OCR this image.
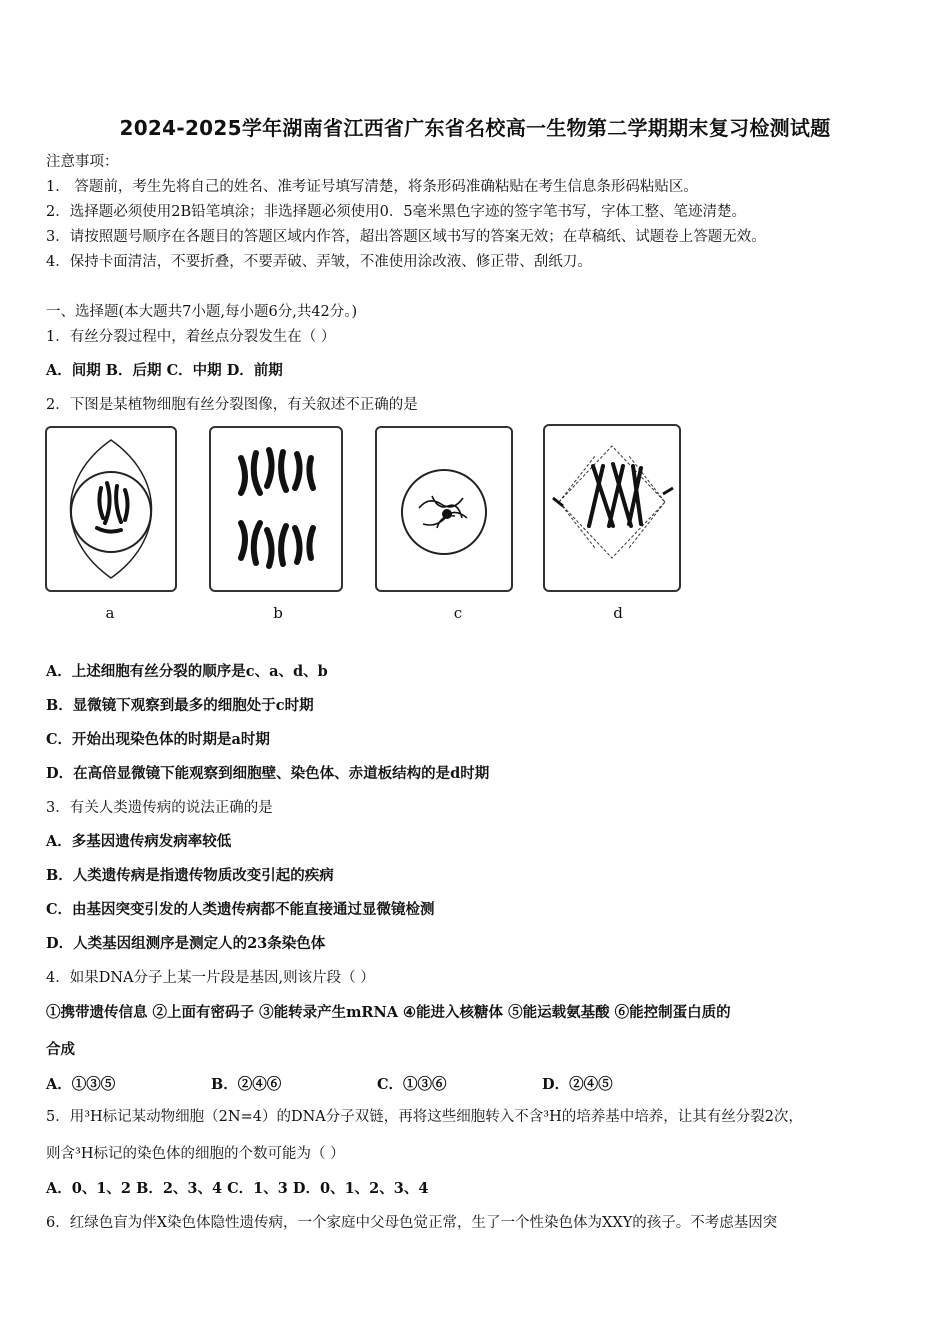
2024-2025学年湖南省江西省广东省名校高一生物第二学期期末复习检测试题
注意事项：
1． 答题前，考生先将自己的姓名、准考证号填写清楚，将条形码准确粘贴在考生信息条形码粘贴区。
2．选择题必须使用2B铅笔填涂；非选择题必须使用0．5毫米黑色字迹的签字笔书写，字体工整、笔迹清楚。
3．请按照题号顺序在各题目的答题区域内作答，超出答题区域书写的答案无效；在草稿纸、试题卷上答题无效。
4．保持卡面清洁，不要折叠，不要弄破、弄皱，不准使用涂改液、修正带、刮纸刀。
一、选择题(本大题共7小题,每小题6分,共42分。)
1．有丝分裂过程中，着丝点分裂发生在（ ）
A．间期 B．后期 C．中期 D．前期
2．下图是某植物细胞有丝分裂图像，有关叙述不正确的是
a	b	c	d
A．上述细胞有丝分裂的顺序是c、a、d、b
B．显微镜下观察到最多的细胞处于c时期
C．开始出现染色体的时期是a时期
D．在高倍显微镜下能观察到细胞壁、染色体、赤道板结构的是d时期
3．有关人类遗传病的说法正确的是
A．多基因遗传病发病率较低
B．人类遗传病是指遗传物质改变引起的疾病
C．由基因突变引发的人类遗传病都不能直接通过显微镜检测
D．人类基因组测序是测定人的23条染色体
4．如果DNA分子上某一片段是基因,则该片段（ ）
①携带遗传信息 ②上面有密码子 ③能转录产生mRNA ④能进入核糖体 ⑤能运载氨基酸 ⑥能控制蛋白质的
合成
A．①③⑤	B．②④⑥	C．①③⑥	D．②④⑤
5．用³H标记某动物细胞（2N=4）的DNA分子双链，再将这些细胞转入不含³H的培养基中培养，让其有丝分裂2次，
则含³H标记的染色体的细胞的个数可能为（ ）
A．0、1、2 B．2、3、4 C．1、3 D．0、1、2、3、4
6．红绿色盲为伴X染色体隐性遗传病，一个家庭中父母色觉正常，生了一个性染色体为XXY的孩子。不考虑基因突
